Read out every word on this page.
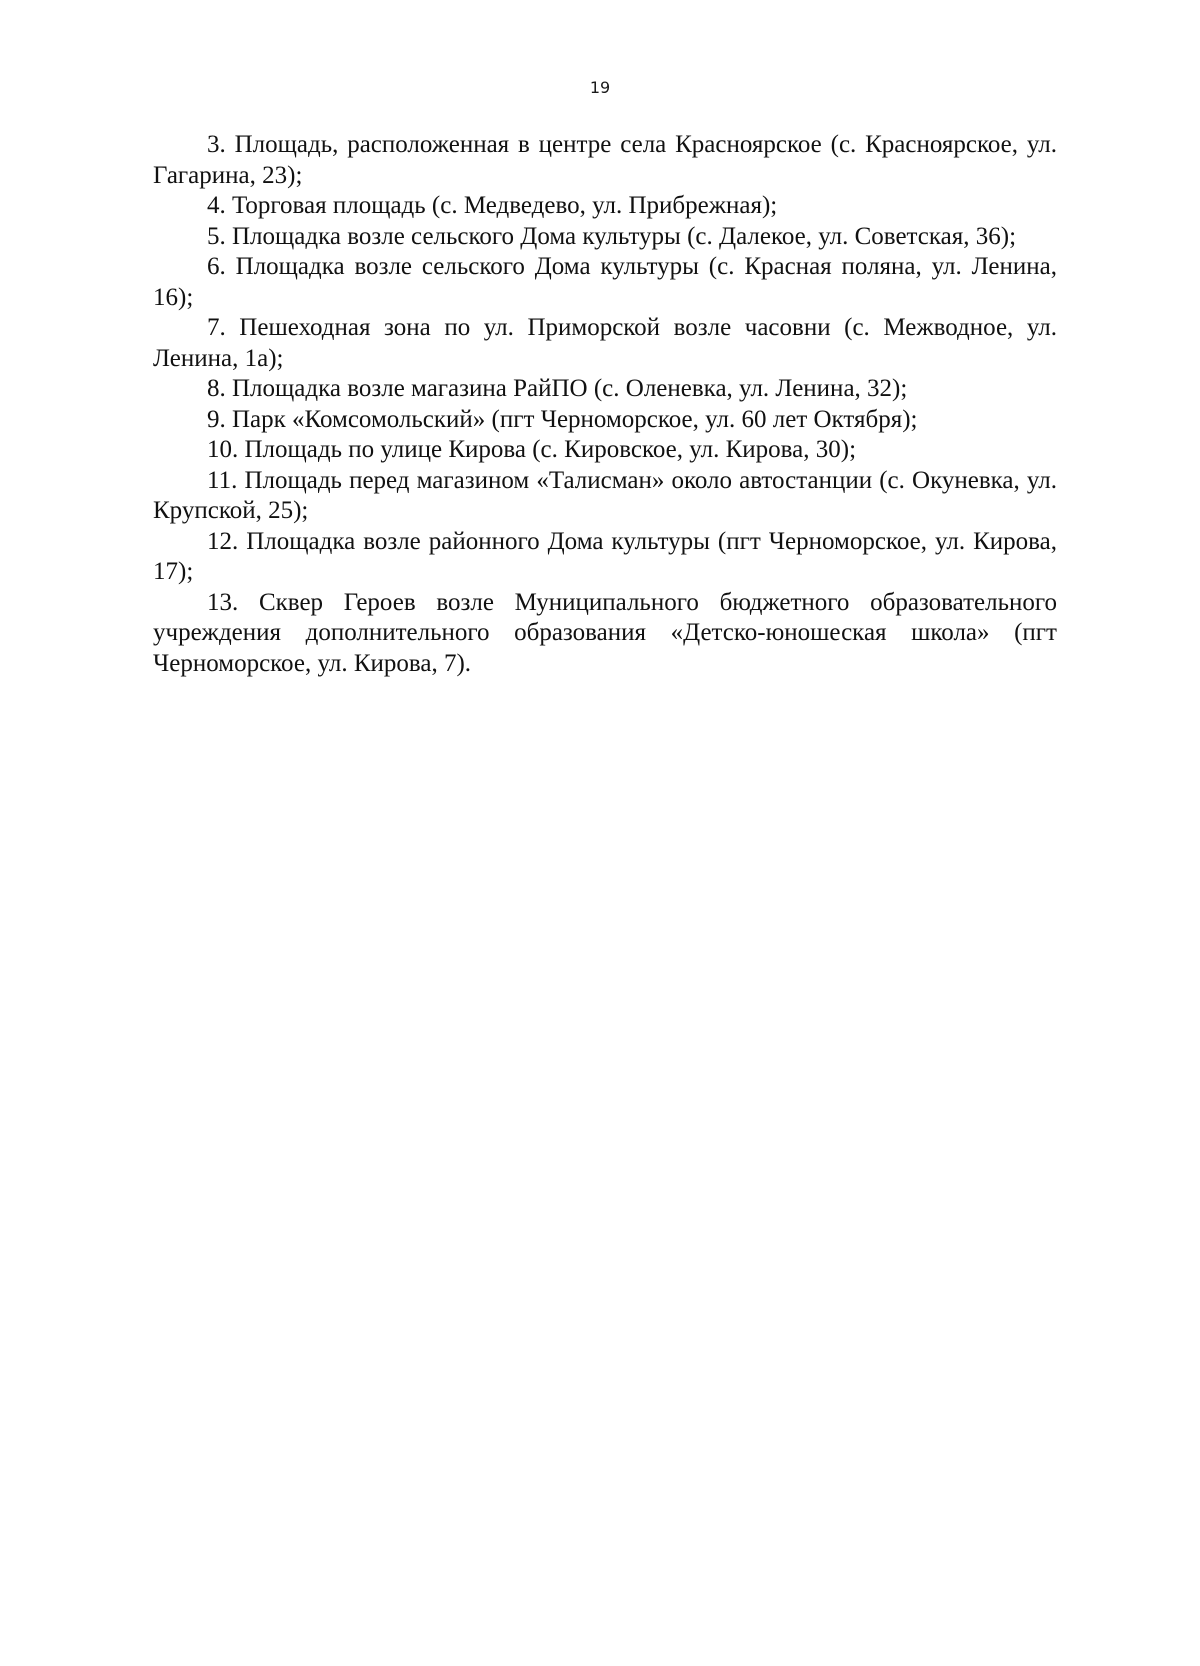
19

3. Площадь, расположенная в центре села Красноярское (с. Красноярское, ул. Гагарина, 23);

4. Торговая площадь (с. Медведево, ул. Прибрежная);

5. Площадка возле сельского Дома культуры (с. Далекое, ул. Советская, 36);

6. Площадка возле сельского Дома культуры (с. Красная поляна, ул. Ленина, 16);

7. Пешеходная зона по ул. Приморской возле часовни (с. Межводное, ул. Ленина, 1а);

8. Площадка возле магазина РайПО (с. Оленевка, ул. Ленина, 32);

9. Парк «Комсомольский» (пгт Черноморское, ул. 60 лет Октября);

10. Площадь по улице Кирова (с. Кировское, ул. Кирова, 30);

11. Площадь перед магазином «Талисман» около автостанции (с. Окуневка, ул. Крупской, 25);

12. Площадка возле районного Дома культуры (пгт Черноморское, ул. Кирова, 17);

13. Сквер Героев возле Муниципального бюджетного образовательного учреждения дополнительного образования «Детско-юношеская школа» (пгт Черноморское, ул. Кирова, 7).
